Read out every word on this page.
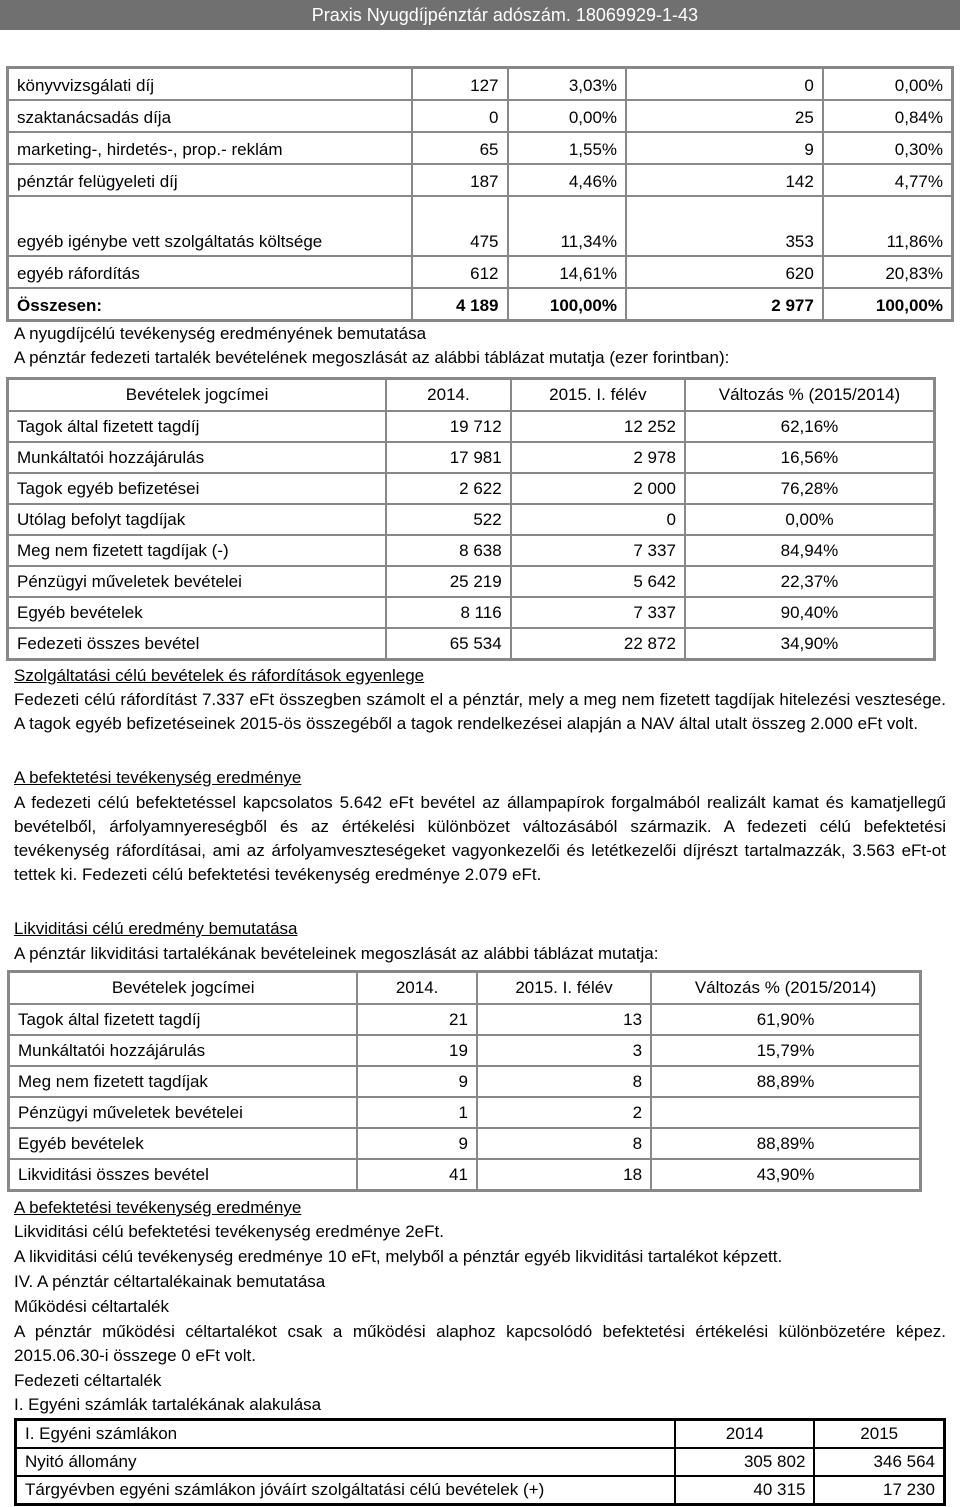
Praxis Nyugdíjpénztár adószám. 18069929-1-43
könyvvizsgálati díj	127	3,03%	0	0,00%
szaktanácsadás díja	0	0,00%	25	0,84%
marketing-, hirdetés-, prop.- reklám	65	1,55%	9	0,30%
pénztár felügyeleti díj	187	4,46%	142	4,77%
egyéb igénybe vett szolgáltatás költsége	475	11,34%	353	11,86%
egyéb ráfordítás	612	14,61%	620	20,83%
Összesen:	4 189	100,00%	2 977	100,00%

A nyugdíjcélú tevékenység eredményének bemutatása

A pénztár fedezeti tartalék bevételének megoszlását az alábbi táblázat mutatja (ezer forintban):

Bevételek jogcímei	2014.	2015. I. félév	Változás % (2015/2014)
Tagok által fizetett tagdíj	19 712	12 252	62,16%
Munkáltatói hozzájárulás	17 981	2 978	16,56%
Tagok egyéb befizetései	2 622	2 000	76,28%
Utólag befolyt tagdíjak	522	0	0,00%
Meg nem fizetett tagdíjak (-)	8 638	7 337	84,94%
Pénzügyi műveletek bevételei	25 219	5 642	22,37%
Egyéb bevételek	8 116	7 337	90,40%
Fedezeti összes bevétel	65 534	22 872	34,90%

Szolgáltatási célú bevételek és ráfordítások egyenlege

Fedezeti célú ráfordítást 7.337 eFt összegben számolt el a pénztár, mely a meg nem fizetett tagdíjak hitelezési vesztesége. A tagok egyéb befizetéseinek 2015-ös összegéből a tagok rendelkezései alapján a NAV által utalt összeg 2.000 eFt volt.

A befektetési tevékenység eredménye

A fedezeti célú befektetéssel kapcsolatos 5.642 eFt bevétel az állampapírok forgalmából realizált kamat és kamatjellegű bevételből, árfolyamnyereségből és az értékelési különbözet változásából származik. A fedezeti célú befektetési tevékenység ráfordításai, ami az árfolyamveszteségeket vagyonkezelői és letétkezelői díjrészt tartalmazzák, 3.563 eFt-ot tettek ki. Fedezeti célú befektetési tevékenység eredménye 2.079 eFt.

Likviditási célú eredmény bemutatása

A pénztár likviditási tartalékának bevételeinek megoszlását az alábbi táblázat mutatja:

Bevételek jogcímei	2014.	2015. I. félév	Változás % (2015/2014)
Tagok által fizetett tagdíj	21	13	61,90%
Munkáltatói hozzájárulás	19	3	15,79%
Meg nem fizetett tagdíjak	9	8	88,89%
Pénzügyi műveletek bevételei	1	2	
Egyéb bevételek	9	8	88,89%
Likviditási összes bevétel	41	18	43,90%

A befektetési tevékenység eredménye

Likviditási célú befektetési tevékenység eredménye 2eFt.

A likviditási célú tevékenység eredménye 10 eFt, melyből a pénztár egyéb likviditási tartalékot képzett.

IV. A pénztár céltartalékainak bemutatása

Működési céltartalék

A pénztár működési céltartalékot csak a működési alaphoz kapcsolódó befektetési értékelési különbözetére képez. 2015.06.30-i összege 0 eFt volt.

Fedezeti céltartalék

I. Egyéni számlák tartalékának alakulása

I. Egyéni számlákon	2014	2015
Nyitó állomány	305 802	346 564
Tárgyévben egyéni számlákon jóváírt szolgáltatási célú bevételek (+)	40 315	17 230
